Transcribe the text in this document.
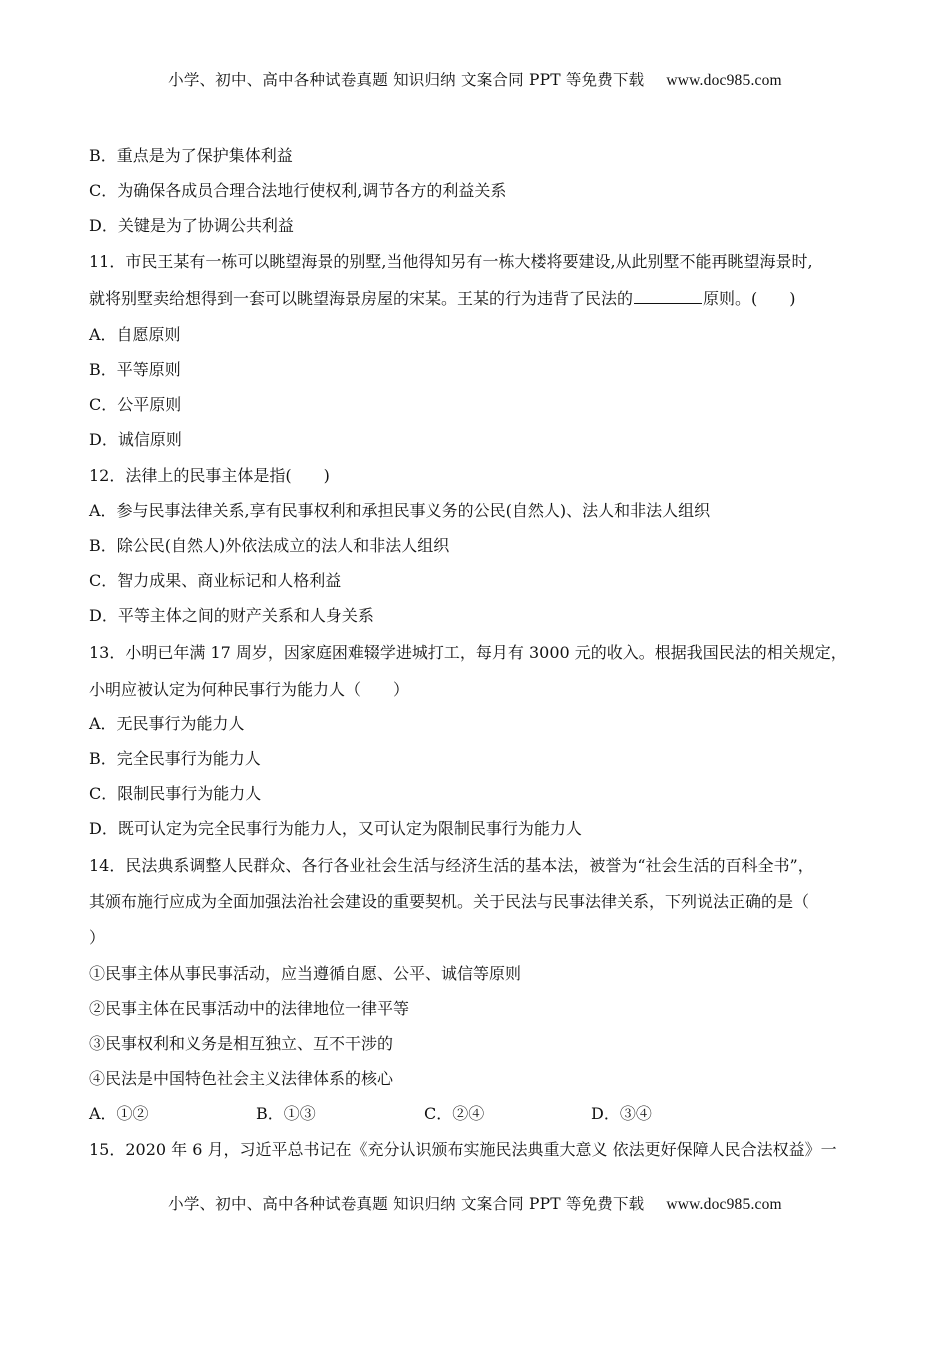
小学、初中、高中各种试卷真题 知识归纳 文案合同 PPT 等免费下载 www.doc985.com
B．重点是为了保护集体利益
C．为确保各成员合理合法地行使权利,调节各方的利益关系
D．关键是为了协调公共利益
11．市民王某有一栋可以眺望海景的别墅,当他得知另有一栋大楼将要建设,从此别墅不能再眺望海景时,
就将别墅卖给想得到一套可以眺望海景房屋的宋某。王某的行为违背了民法的	原则。(　　)
A．自愿原则
B．平等原则
C．公平原则
D．诚信原则
12．法律上的民事主体是指(　　)
A．参与民事法律关系,享有民事权利和承担民事义务的公民(自然人)、法人和非法人组织
B．除公民(自然人)外依法成立的法人和非法人组织
C．智力成果、商业标记和人格利益
D．平等主体之间的财产关系和人身关系
13．小明已年满 17 周岁，因家庭困难辍学进城打工，每月有 3000 元的收入。根据我国民法的相关规定，
小明应被认定为何种民事行为能力人（　　）
A．无民事行为能力人
B．完全民事行为能力人
C．限制民事行为能力人
D．既可认定为完全民事行为能力人，又可认定为限制民事行为能力人
14．民法典系调整人民群众、各行各业社会生活与经济生活的基本法，被誉为“社会生活的百科全书”，
其颁布施行应成为全面加强法治社会建设的重要契机。关于民法与民事法律关系，下列说法正确的是（
）
①民事主体从事民事活动，应当遵循自愿、公平、诚信等原则
②民事主体在民事活动中的法律地位一律平等
③民事权利和义务是相互独立、互不干涉的
④民法是中国特色社会主义法律体系的核心
A．①②	B．①③	C．②④	D．③④
15．2020 年 6 月，习近平总书记在《充分认识颁布实施民法典重大意义 依法更好保障人民合法权益》一
小学、初中、高中各种试卷真题 知识归纳 文案合同 PPT 等免费下载 www.doc985.com
